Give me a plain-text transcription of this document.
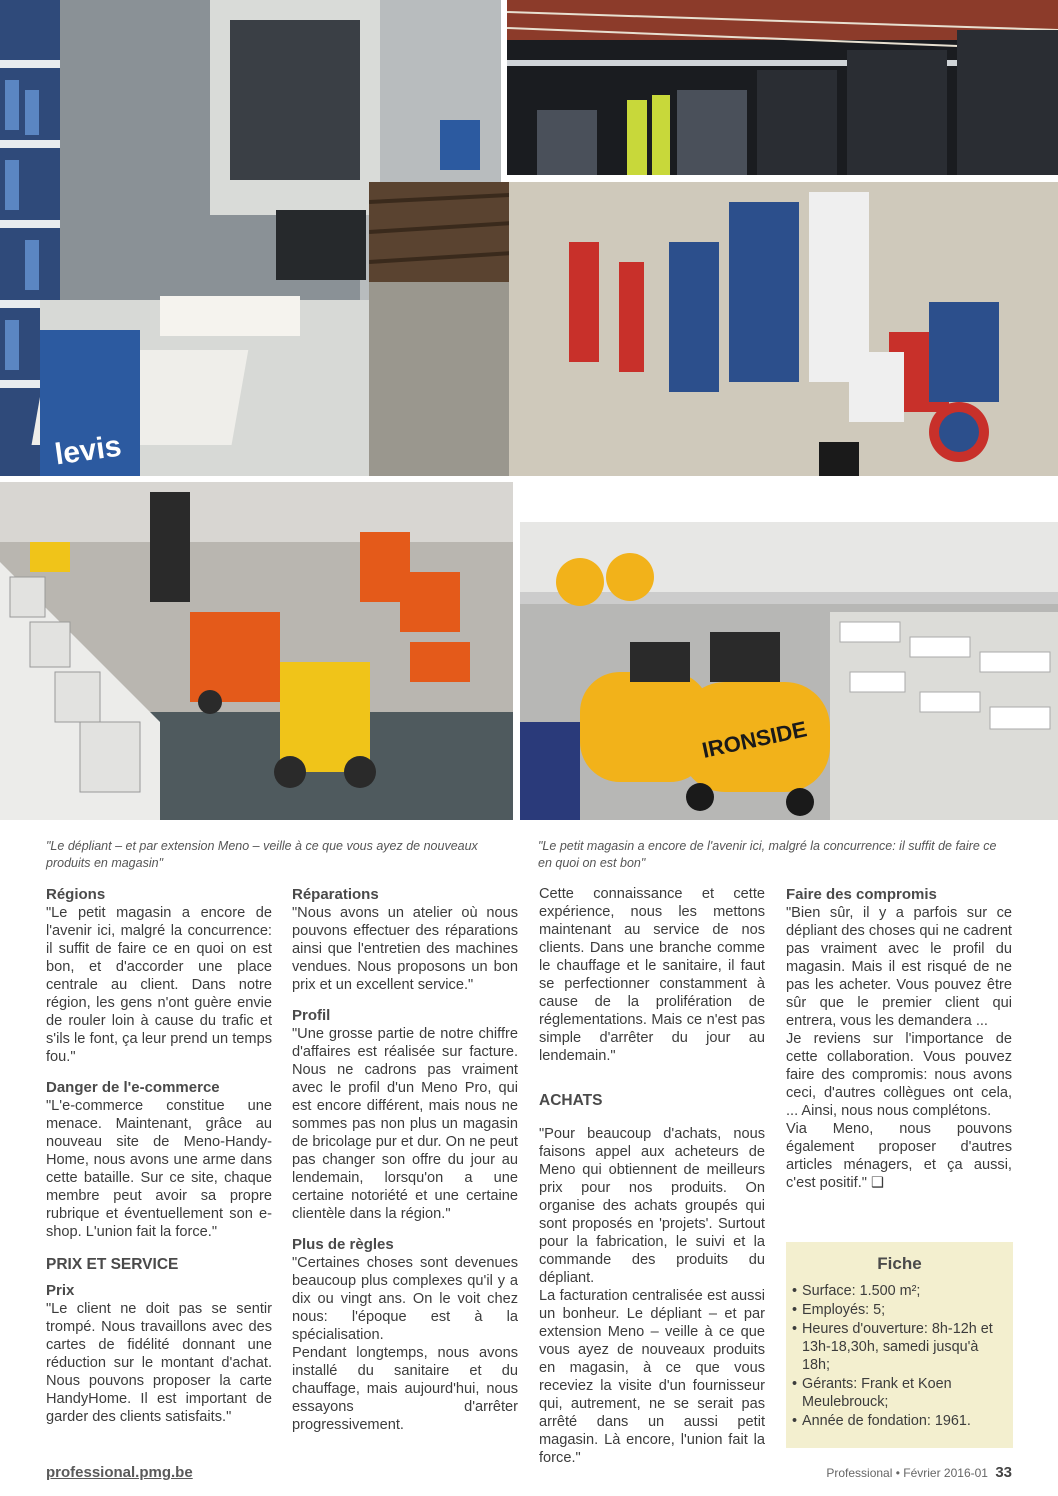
levis
IRONSIDE
"Le dépliant – et par extension Meno – veille à ce que vous ayez de nouveaux produits en magasin"
"Le petit magasin a encore de l'avenir ici, malgré la concurrence: il suffit de faire ce en quoi on est bon"
Régions

"Le petit magasin a encore de l'avenir ici, malgré la concurrence: il suffit de faire ce en quoi on est bon, et d'accorder une place centrale au client. Dans notre région, les gens n'ont guère envie de rouler loin à cause du trafic et s'ils le font, ça leur prend un temps fou."

Danger de l'e-commerce

"L'e-commerce constitue une menace. Maintenant, grâce au nouveau site de Meno-Handy-Home, nous avons une arme dans cette bataille. Sur ce site, chaque membre peut avoir sa propre rubrique et éventuellement son e-shop. L'union fait la force."

PRIX ET SERVICE
Prix

"Le client ne doit pas se sentir trompé. Nous travaillons avec des cartes de fidélité donnant une réduction sur le montant d'achat. Nous pouvons proposer la carte HandyHome. Il est important de garder des clients satisfaits."

Réparations

"Nous avons un atelier où nous pouvons effectuer des réparations ainsi que l'entretien des machines vendues. Nous proposons un bon prix et un excellent service."

Profil

"Une grosse partie de notre chiffre d'affaires est réalisée sur facture. Nous ne cadrons pas vraiment avec le profil d'un Meno Pro, qui est encore différent, mais nous ne sommes pas non plus un magasin de bricolage pur et dur. On ne peut pas changer son offre du jour au lendemain, lorsqu'on a une certaine notoriété et une certaine clientèle dans la région."

Plus de règles

"Certaines choses sont devenues beaucoup plus complexes qu'il y a dix ou vingt ans. On le voit chez nous: l'époque est à la spécialisation.

Pendant longtemps, nous avons installé du sanitaire et du chauffage, mais aujourd'hui, nous essayons d'arrêter progressivement.

Cette connaissance et cette expérience, nous les mettons maintenant au service de nos clients. Dans une branche comme le chauffage et le sanitaire, il faut se perfectionner constamment à cause de la prolifération de réglementations. Mais ce n'est pas simple d'arrêter du jour au lendemain."

ACHATS

"Pour beaucoup d'achats, nous faisons appel aux acheteurs de Meno qui obtiennent de meilleurs prix pour nos produits. On organise des achats groupés qui sont proposés en 'projets'. Surtout pour la fabrication, le suivi et la commande des produits du dépliant.

La facturation centralisée est aussi un bonheur. Le dépliant – et par extension Meno – veille à ce que vous ayez de nouveaux produits en magasin, à ce que vous receviez la visite d'un fournisseur qui, autrement, ne se serait pas arrêté dans un aussi petit magasin. Là encore, l'union fait la force."

Faire des compromis

"Bien sûr, il y a parfois sur ce dépliant des choses qui ne cadrent pas vraiment avec le profil du magasin. Mais il est risqué de ne pas les acheter. Vous pouvez être sûr que le premier client qui entrera, vous les demandera ...

Je reviens sur l'importance de cette collaboration. Vous pouvez faire des compromis: nous avons ceci, d'autres collègues ont cela, ... Ainsi, nous nous complétons.

Via Meno, nous pouvons également proposer d'autres articles ménagers, et ça aussi, c'est positif." ❑

Fiche
• Surface: 1.500 m²;
• Employés: 5;
• Heures d'ouverture: 8h-12h et 13h-18,30h, samedi jusqu'à 18h;
• Gérants: Frank et Koen Meulebrouck;
• Année de fondation: 1961.
professional.pmg.be	Professional • Février 2016-01 33
